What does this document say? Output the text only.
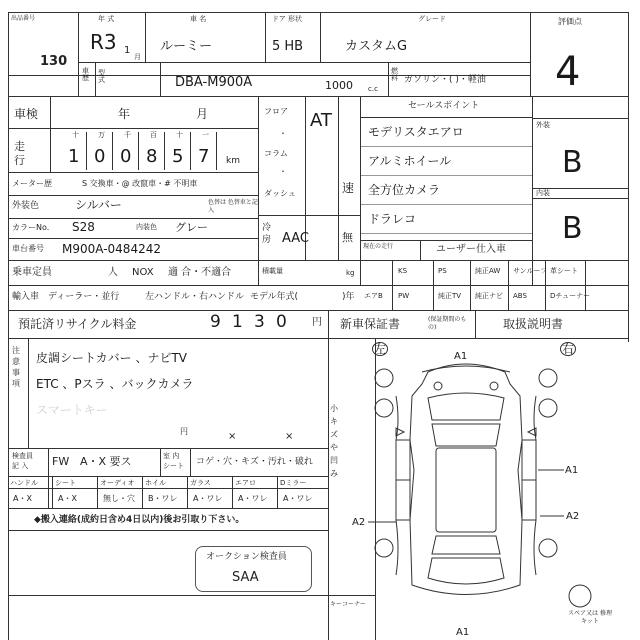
出品番号
130
年 式
R3 1
月
車 名
ルーミー
ドア 形状
5 HB
グレード
カスタムG
評価点
4
車歴
型式	DBA-M900A	1000 c.c
燃料 ガソリン・( )・軽油
車検	年	月
走行
十	万	千	百	十	一
1 0 0 8 5 7 km
フロア
・
コラム
・
ダッシュ
AT
速
メーター歴	S 交換車・@ 改竄車・# 不明車
外装色	シルバー	色替は 色替車と記入
カラーNo. S28	内装色 グレー
車台番号 M900A-0484242
冷房 AAC	無
乗車定員	人 NOX 適 合・不適合	積載量	kg
輸入車 ディーラー・並行	左ハンドル・右ハンドル モデル年式(	)年
預託済リサイクル料金	9 1 3 0	円
セールスポイント
モデリスタエアロ
アルミホイール
全方位カメラ
ドラレコ
現在の走行	ユーザー仕入車
外装
B
内装
B
KS	PS	純正AW サンルーフ 革シート
エアB PW	純正TV 純正ナビ ABS	Dチューナー
新車保証書	(保証期間のもの)	取扱説明書
注意事項
皮調シートカバー 、ナビTV
ETC 、Pスラ 、バックカメラ
スマートキー
×	×
円
検査員 記 入	FW A・X 要ス	室 内 シート	コゲ・穴・キズ・汚れ・破れ
ハンドル
A・X
シート
A・X
オーディオ
無し・穴
ホイル
B・ワレ
ガラス
A・ワレ
エアロ
A・ワレ
Dミラー
A・ワレ
◆搬入連絡(成約日含め4日以内)後お引取り下さい。
オークション検査員
SAA
キーコーナー
左	右
A1
A1
A2
A2
A1
小キズや凹み
スペア又は 修理キット
